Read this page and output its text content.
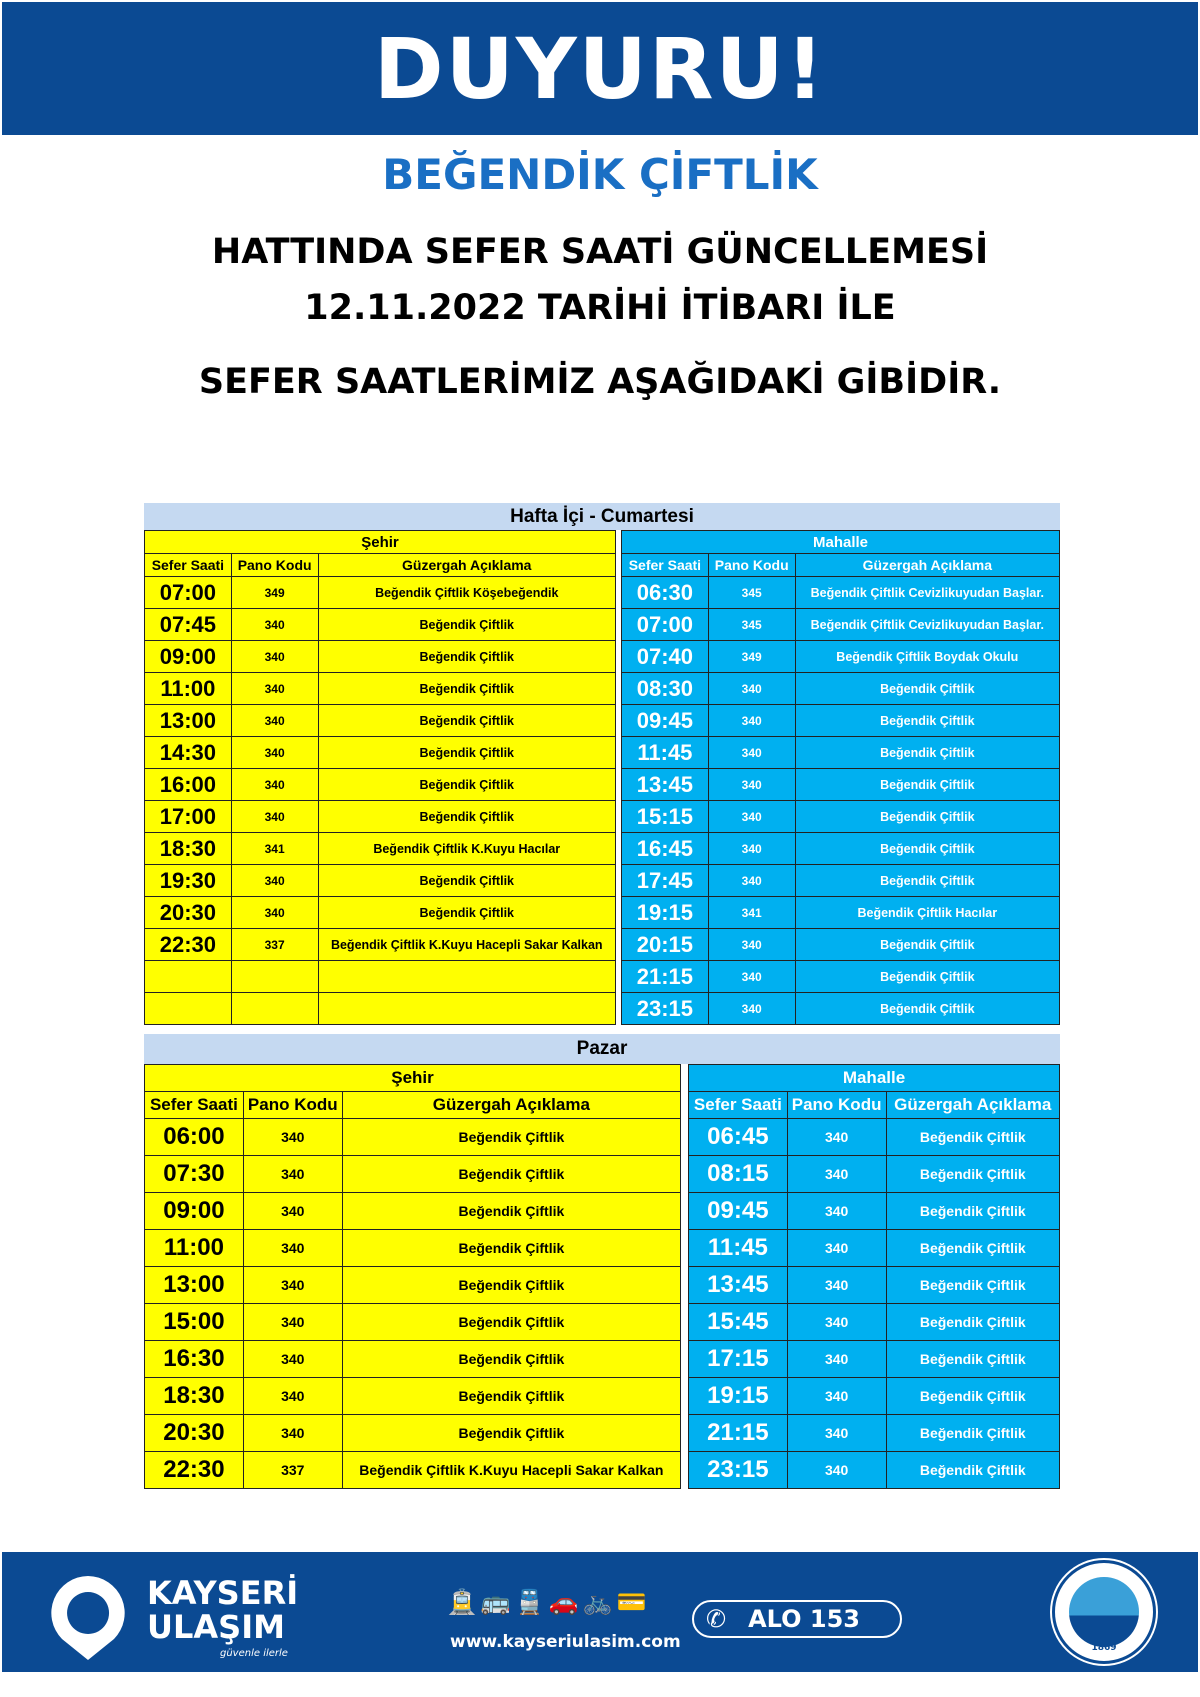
DUYURU!
BEĞENDİK ÇİFTLİK
HATTINDA SEFER SAATİ GÜNCELLEMESİ
12.11.2022 TARİHİ İTİBARI İLE
SEFER SAATLERİMİZ AŞAĞIDAKİ GİBİDİR.
Hafta İçi - Cumartesi
Şehir		
Sefer Saati	Pano Kodu	Güzergah Açıklama
07:00	349	Beğendik Çiftlik Köşebeğendik
07:45	340	Beğendik Çiftlik
09:00	340	Beğendik Çiftlik
11:00	340	Beğendik Çiftlik
13:00	340	Beğendik Çiftlik
14:30	340	Beğendik Çiftlik
16:00	340	Beğendik Çiftlik
17:00	340	Beğendik Çiftlik
18:30	341	Beğendik Çiftlik K.Kuyu Hacılar
19:30	340	Beğendik Çiftlik
20:30	340	Beğendik Çiftlik
22:30	337	Beğendik Çiftlik K.Kuyu Hacepli Sakar Kalkan

Mahalle		
Sefer Saati	Pano Kodu	Güzergah Açıklama
06:30	345	Beğendik Çiftlik Cevizlikuyudan Başlar.
07:00	345	Beğendik Çiftlik Cevizlikuyudan Başlar.
07:40	349	Beğendik Çiftlik Boydak Okulu
08:30	340	Beğendik Çiftlik
09:45	340	Beğendik Çiftlik
11:45	340	Beğendik Çiftlik
13:45	340	Beğendik Çiftlik
15:15	340	Beğendik Çiftlik
16:45	340	Beğendik Çiftlik
17:45	340	Beğendik Çiftlik
19:15	341	Beğendik Çiftlik Hacılar
20:15	340	Beğendik Çiftlik
21:15	340	Beğendik Çiftlik
23:15	340	Beğendik Çiftlik
Pazar
Şehir		
Sefer Saati	Pano Kodu	Güzergah Açıklama
06:00	340	Beğendik Çiftlik
07:30	340	Beğendik Çiftlik
09:00	340	Beğendik Çiftlik
11:00	340	Beğendik Çiftlik
13:00	340	Beğendik Çiftlik
15:00	340	Beğendik Çiftlik
16:30	340	Beğendik Çiftlik
18:30	340	Beğendik Çiftlik
20:30	340	Beğendik Çiftlik
22:30	337	Beğendik Çiftlik K.Kuyu Hacepli Sakar Kalkan
Mahalle		
Sefer Saati	Pano Kodu	Güzergah Açıklama
06:45	340	Beğendik Çiftlik
08:15	340	Beğendik Çiftlik
09:45	340	Beğendik Çiftlik
11:45	340	Beğendik Çiftlik
13:45	340	Beğendik Çiftlik
15:45	340	Beğendik Çiftlik
17:15	340	Beğendik Çiftlik
19:15	340	Beğendik Çiftlik
21:15	340	Beğendik Çiftlik
23:15	340	Beğendik Çiftlik
KAYSERİ
ULAŞIM
güvenle ilerle
🚊🚌🚆🚗🚲💳
www.kayseriulasim.com
✆ ALO 153
1869
